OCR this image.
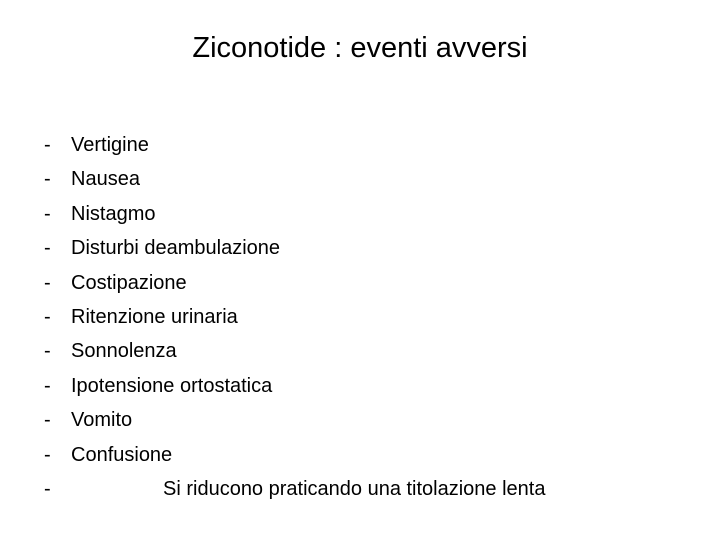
Ziconotide : eventi avversi
-	Vertigine
-	Nausea
-	Nistagmo
-	Disturbi deambulazione
-	Costipazione
-	Ritenzione urinaria
-	Sonnolenza
-	Ipotensione ortostatica
-	Vomito
-	Confusione
-	Si riducono praticando una titolazione lenta
